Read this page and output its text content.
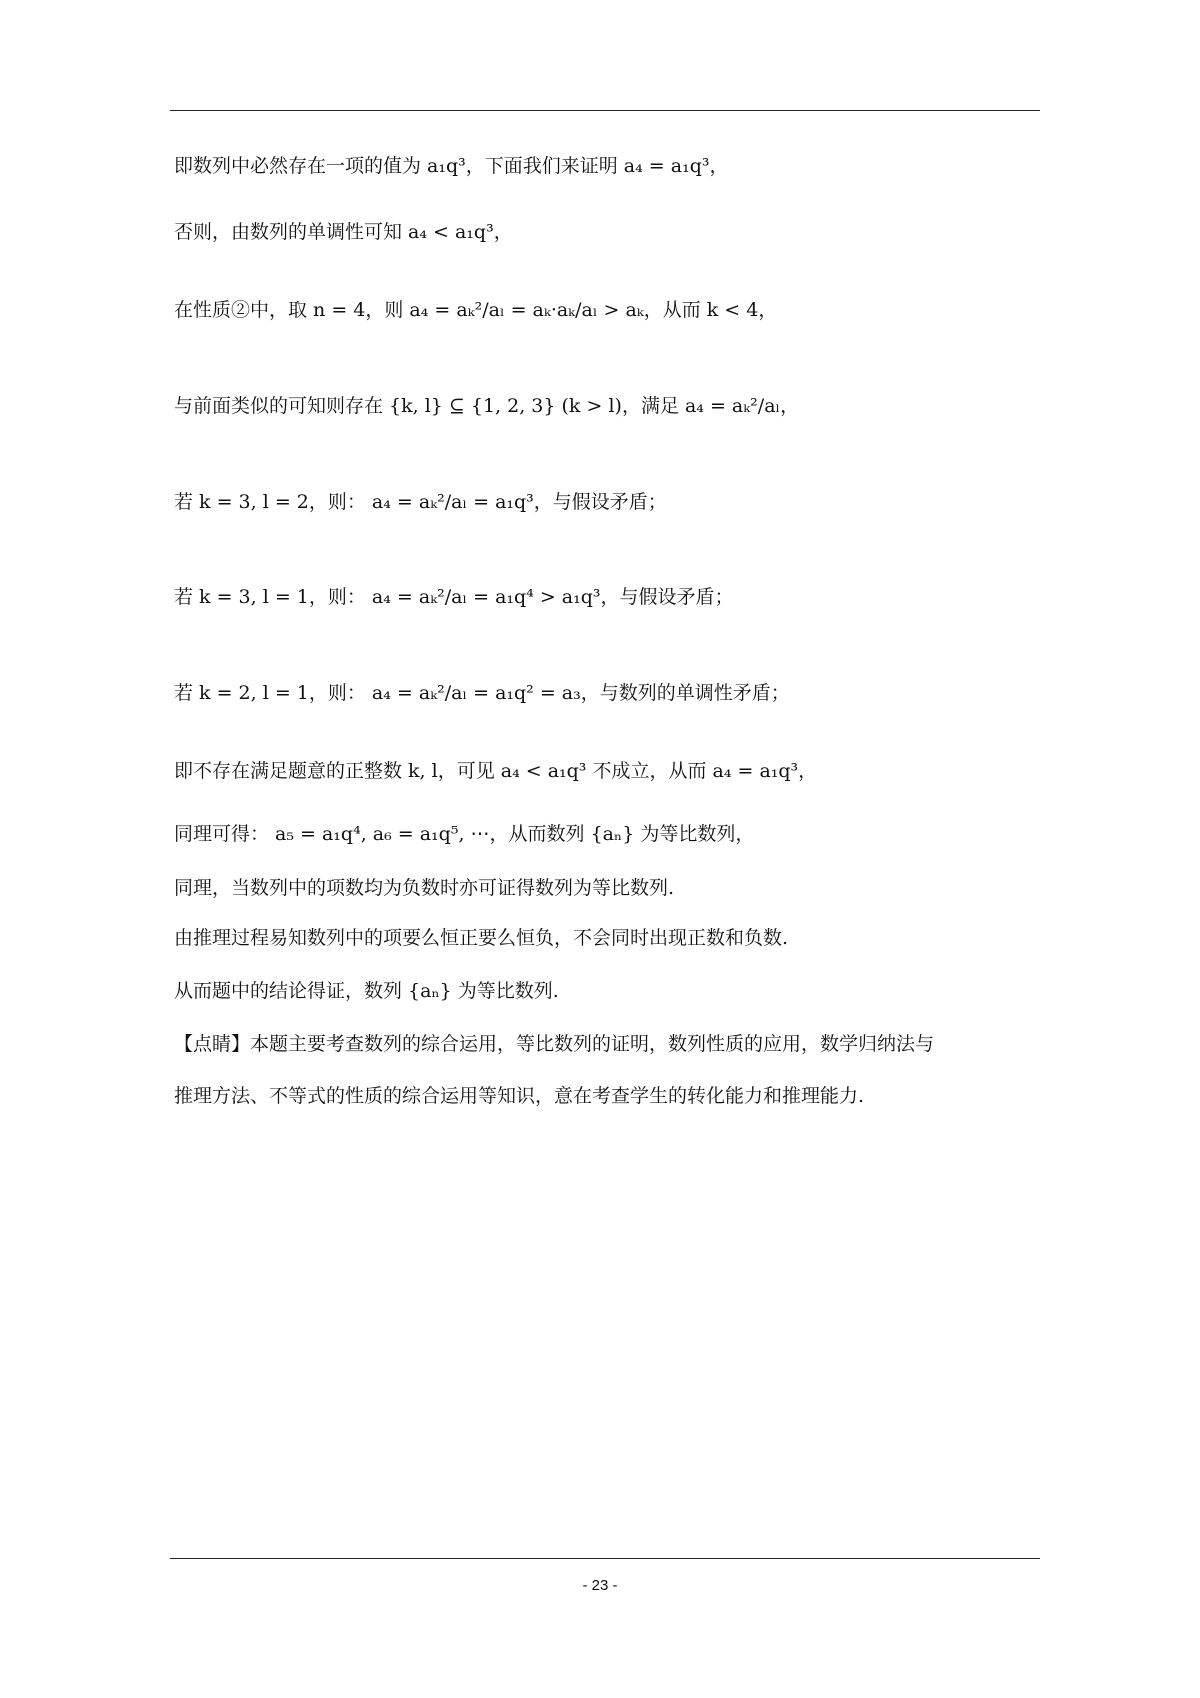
即数列中必然存在一项的值为 a₁q³，下面我们来证明 a₄ = a₁q³，
否则，由数列的单调性可知 a₄ < a₁q³，
在性质②中，取 n = 4，则 a₄ = aₖ²/aₗ = aₖ·aₖ/aₗ > aₖ，从而 k < 4，
与前面类似的可知则存在 {k, l} ⊆ {1, 2, 3} (k > l)，满足 a₄ = aₖ²/aₗ，
若 k = 3, l = 2，则： a₄ = aₖ²/aₗ = a₁q³，与假设矛盾；
若 k = 3, l = 1，则： a₄ = aₖ²/aₗ = a₁q⁴ > a₁q³，与假设矛盾；
若 k = 2, l = 1，则： a₄ = aₖ²/aₗ = a₁q² = a₃，与数列的单调性矛盾；
即不存在满足题意的正整数 k, l，可见 a₄ < a₁q³ 不成立，从而 a₄ = a₁q³，
同理可得： a₅ = a₁q⁴, a₆ = a₁q⁵, ⋯，从而数列 {aₙ} 为等比数列，
同理，当数列中的项数均为负数时亦可证得数列为等比数列.
由推理过程易知数列中的项要么恒正要么恒负，不会同时出现正数和负数.
从而题中的结论得证，数列 {aₙ} 为等比数列.
【点睛】本题主要考查数列的综合运用，等比数列的证明，数列性质的应用，数学归纳法与
推理方法、不等式的性质的综合运用等知识，意在考查学生的转化能力和推理能力.
- 23 -
